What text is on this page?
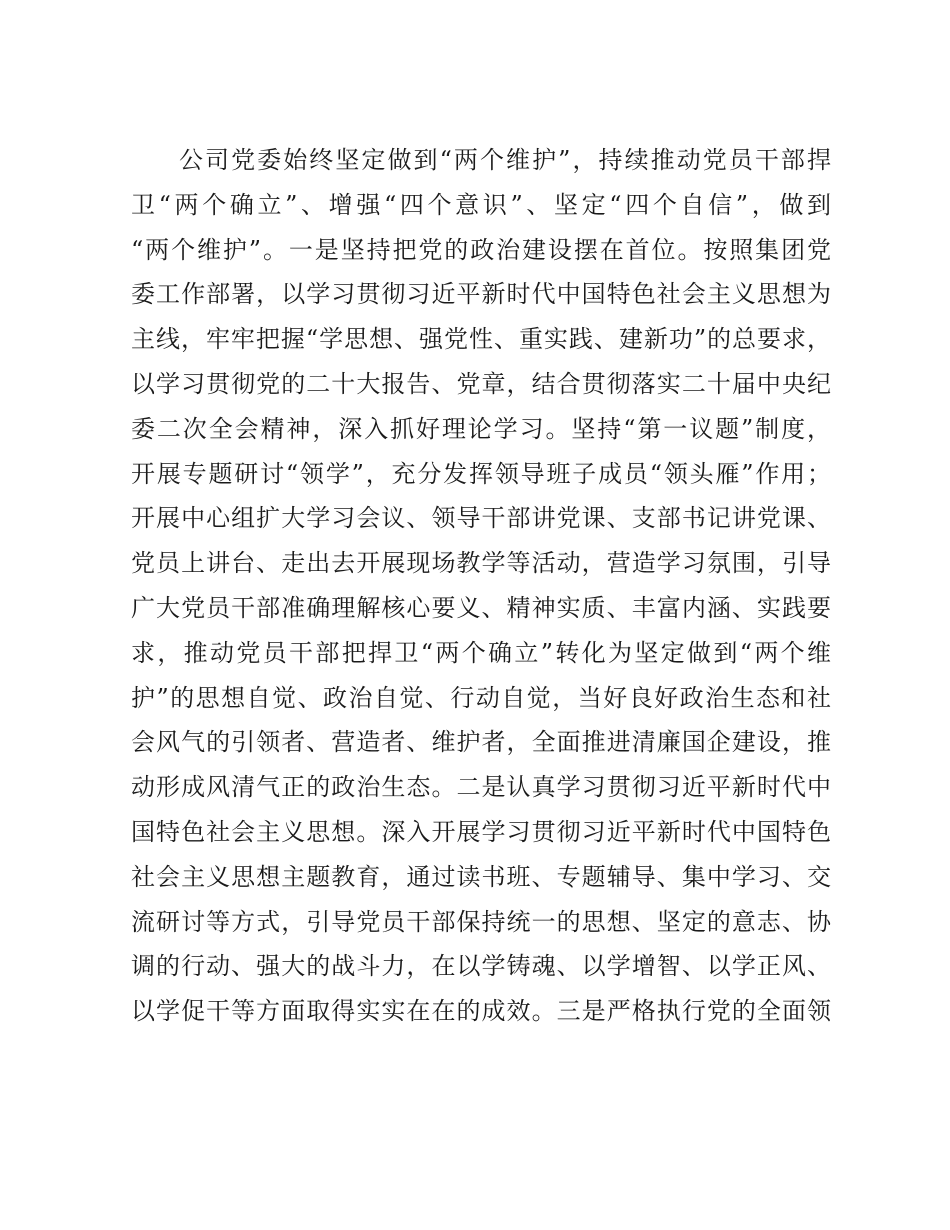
公司党委始终坚定做到“两个维护”，持续推动党员干部捍
卫“两个确立”、增强“四个意识”、坚定“四个自信”，做到
“两个维护”。一是坚持把党的政治建设摆在首位。按照集团党
委工作部署，以学习贯彻习近平新时代中国特色社会主义思想为
主线，牢牢把握“学思想、强党性、重实践、建新功”的总要求，
以学习贯彻党的二十大报告、党章，结合贯彻落实二十届中央纪
委二次全会精神，深入抓好理论学习。坚持“第一议题”制度，
开展专题研讨“领学”，充分发挥领导班子成员“领头雁”作用；
开展中心组扩大学习会议、领导干部讲党课、支部书记讲党课、
党员上讲台、走出去开展现场教学等活动，营造学习氛围，引导
广大党员干部准确理解核心要义、精神实质、丰富内涵、实践要
求，推动党员干部把捍卫“两个确立”转化为坚定做到“两个维
护”的思想自觉、政治自觉、行动自觉，当好良好政治生态和社
会风气的引领者、营造者、维护者，全面推进清廉国企建设，推
动形成风清气正的政治生态。二是认真学习贯彻习近平新时代中
国特色社会主义思想。深入开展学习贯彻习近平新时代中国特色
社会主义思想主题教育，通过读书班、专题辅导、集中学习、交
流研讨等方式，引导党员干部保持统一的思想、坚定的意志、协
调的行动、强大的战斗力，在以学铸魂、以学增智、以学正风、
以学促干等方面取得实实在在的成效。三是严格执行党的全面领
